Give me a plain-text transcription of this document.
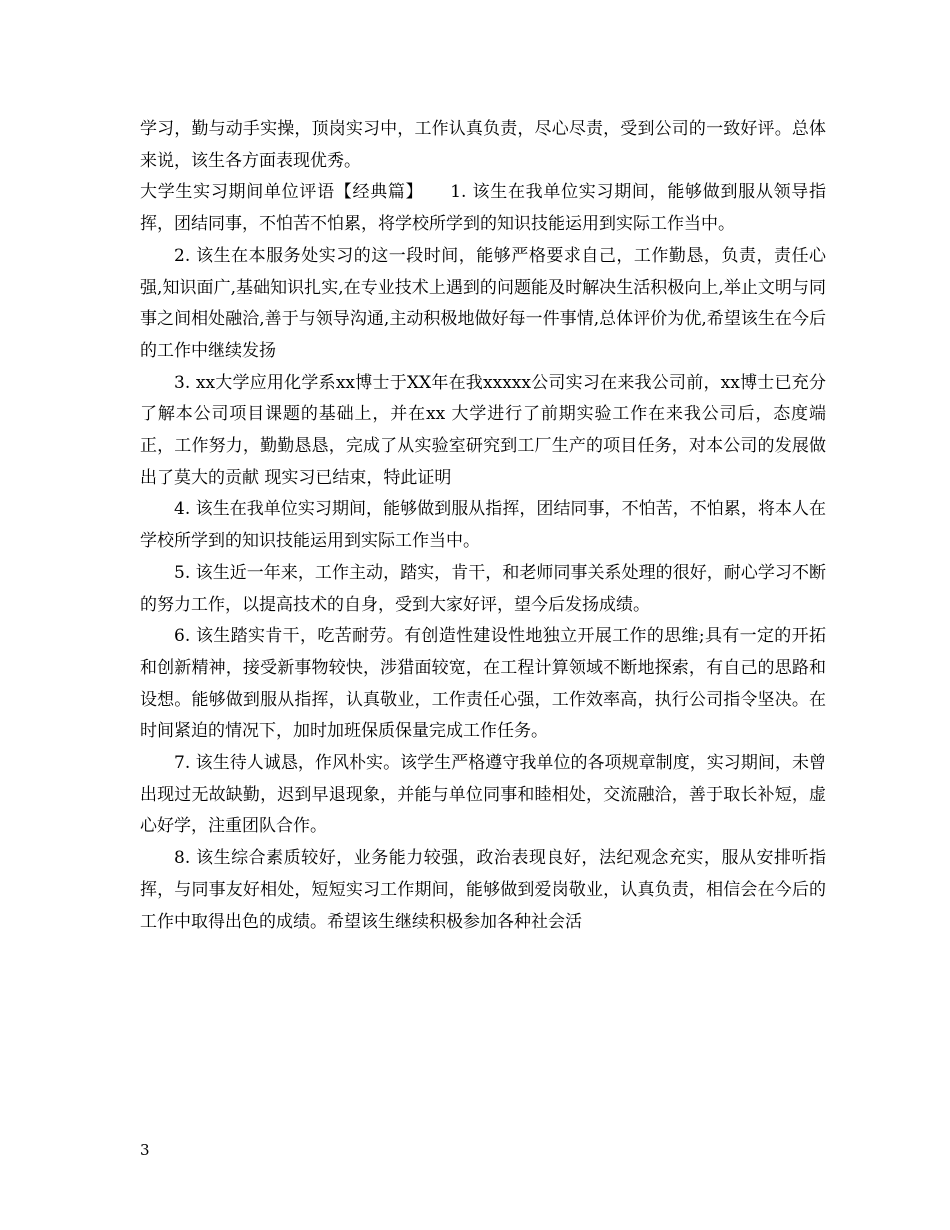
学习，勤与动手实操，顶岗实习中，工作认真负责，尽心尽责，受到公司的一致好评。总体来说，该生各方面表现优秀。

大学生实习期间单位评语【经典篇】　　1. 该生在我单位实习期间，能够做到服从领导指挥，团结同事，不怕苦不怕累，将学校所学到的知识技能运用到实际工作当中。

2. 该生在本服务处实习的这一段时间，能够严格要求自己，工作勤恳，负责，责任心强,知识面广,基础知识扎实,在专业技术上遇到的问题能及时解决生活积极向上,举止文明与同事之间相处融洽,善于与领导沟通,主动积极地做好每一件事情,总体评价为优,希望该生在今后的工作中继续发扬

3. xx大学应用化学系xx博士于XX年在我xxxxx公司实习在来我公司前，xx博士已充分了解本公司项目课题的基础上，并在xx 大学进行了前期实验工作在来我公司后，态度端正，工作努力，勤勤恳恳，完成了从实验室研究到工厂生产的项目任务，对本公司的发展做出了莫大的贡献 现实习已结束，特此证明

4. 该生在我单位实习期间，能够做到服从指挥，团结同事，不怕苦，不怕累，将本人在学校所学到的知识技能运用到实际工作当中。

5. 该生近一年来，工作主动，踏实，肯干，和老师同事关系处理的很好，耐心学习不断的努力工作，以提高技术的自身，受到大家好评，望今后发扬成绩。

6. 该生踏实肯干，吃苦耐劳。有创造性建设性地独立开展工作的思维;具有一定的开拓和创新精神，接受新事物较快，涉猎面较宽，在工程计算领域不断地探索，有自己的思路和设想。能够做到服从指挥，认真敬业，工作责任心强，工作效率高，执行公司指令坚决。在时间紧迫的情况下，加时加班保质保量完成工作任务。

7. 该生待人诚恳，作风朴实。该学生严格遵守我单位的各项规章制度，实习期间，未曾出现过无故缺勤，迟到早退现象，并能与单位同事和睦相处，交流融洽，善于取长补短，虚心好学，注重团队合作。

8. 该生综合素质较好，业务能力较强，政治表现良好，法纪观念充实，服从安排听指挥，与同事友好相处，短短实习工作期间，能够做到爱岗敬业，认真负责，相信会在今后的工作中取得出色的成绩。希望该生继续积极参加各种社会活

3
